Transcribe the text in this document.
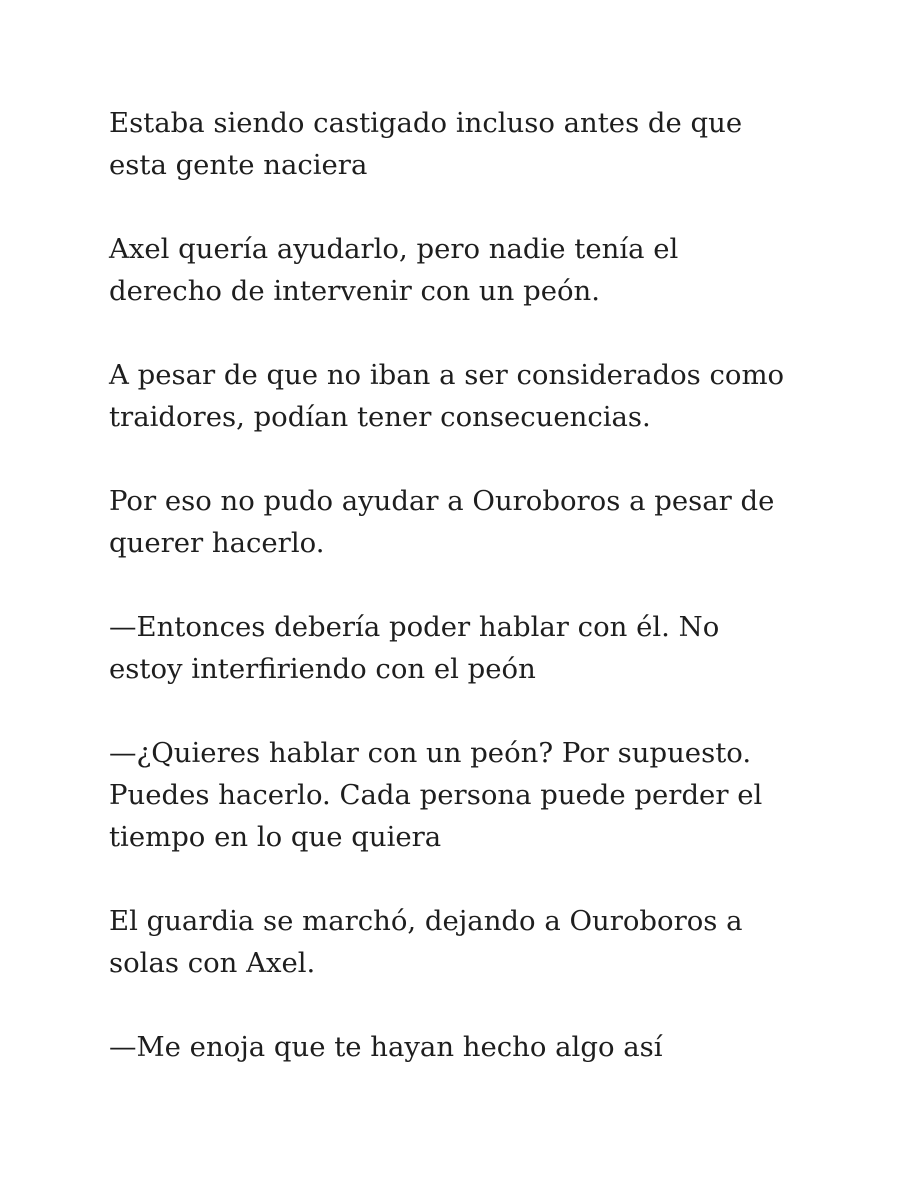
Estaba siendo castigado incluso antes de que
esta gente naciera

Axel quería ayudarlo, pero nadie tenía el
derecho de intervenir con un peón.

A pesar de que no iban a ser considerados como
traidores, podían tener consecuencias.

Por eso no pudo ayudar a Ouroboros a pesar de
querer hacerlo.

—Entonces debería poder hablar con él. No
estoy interfiriendo con el peón

—¿Quieres hablar con un peón? Por supuesto.
Puedes hacerlo. Cada persona puede perder el
tiempo en lo que quiera

El guardia se marchó, dejando a Ouroboros a
solas con Axel.

—Me enoja que te hayan hecho algo así
